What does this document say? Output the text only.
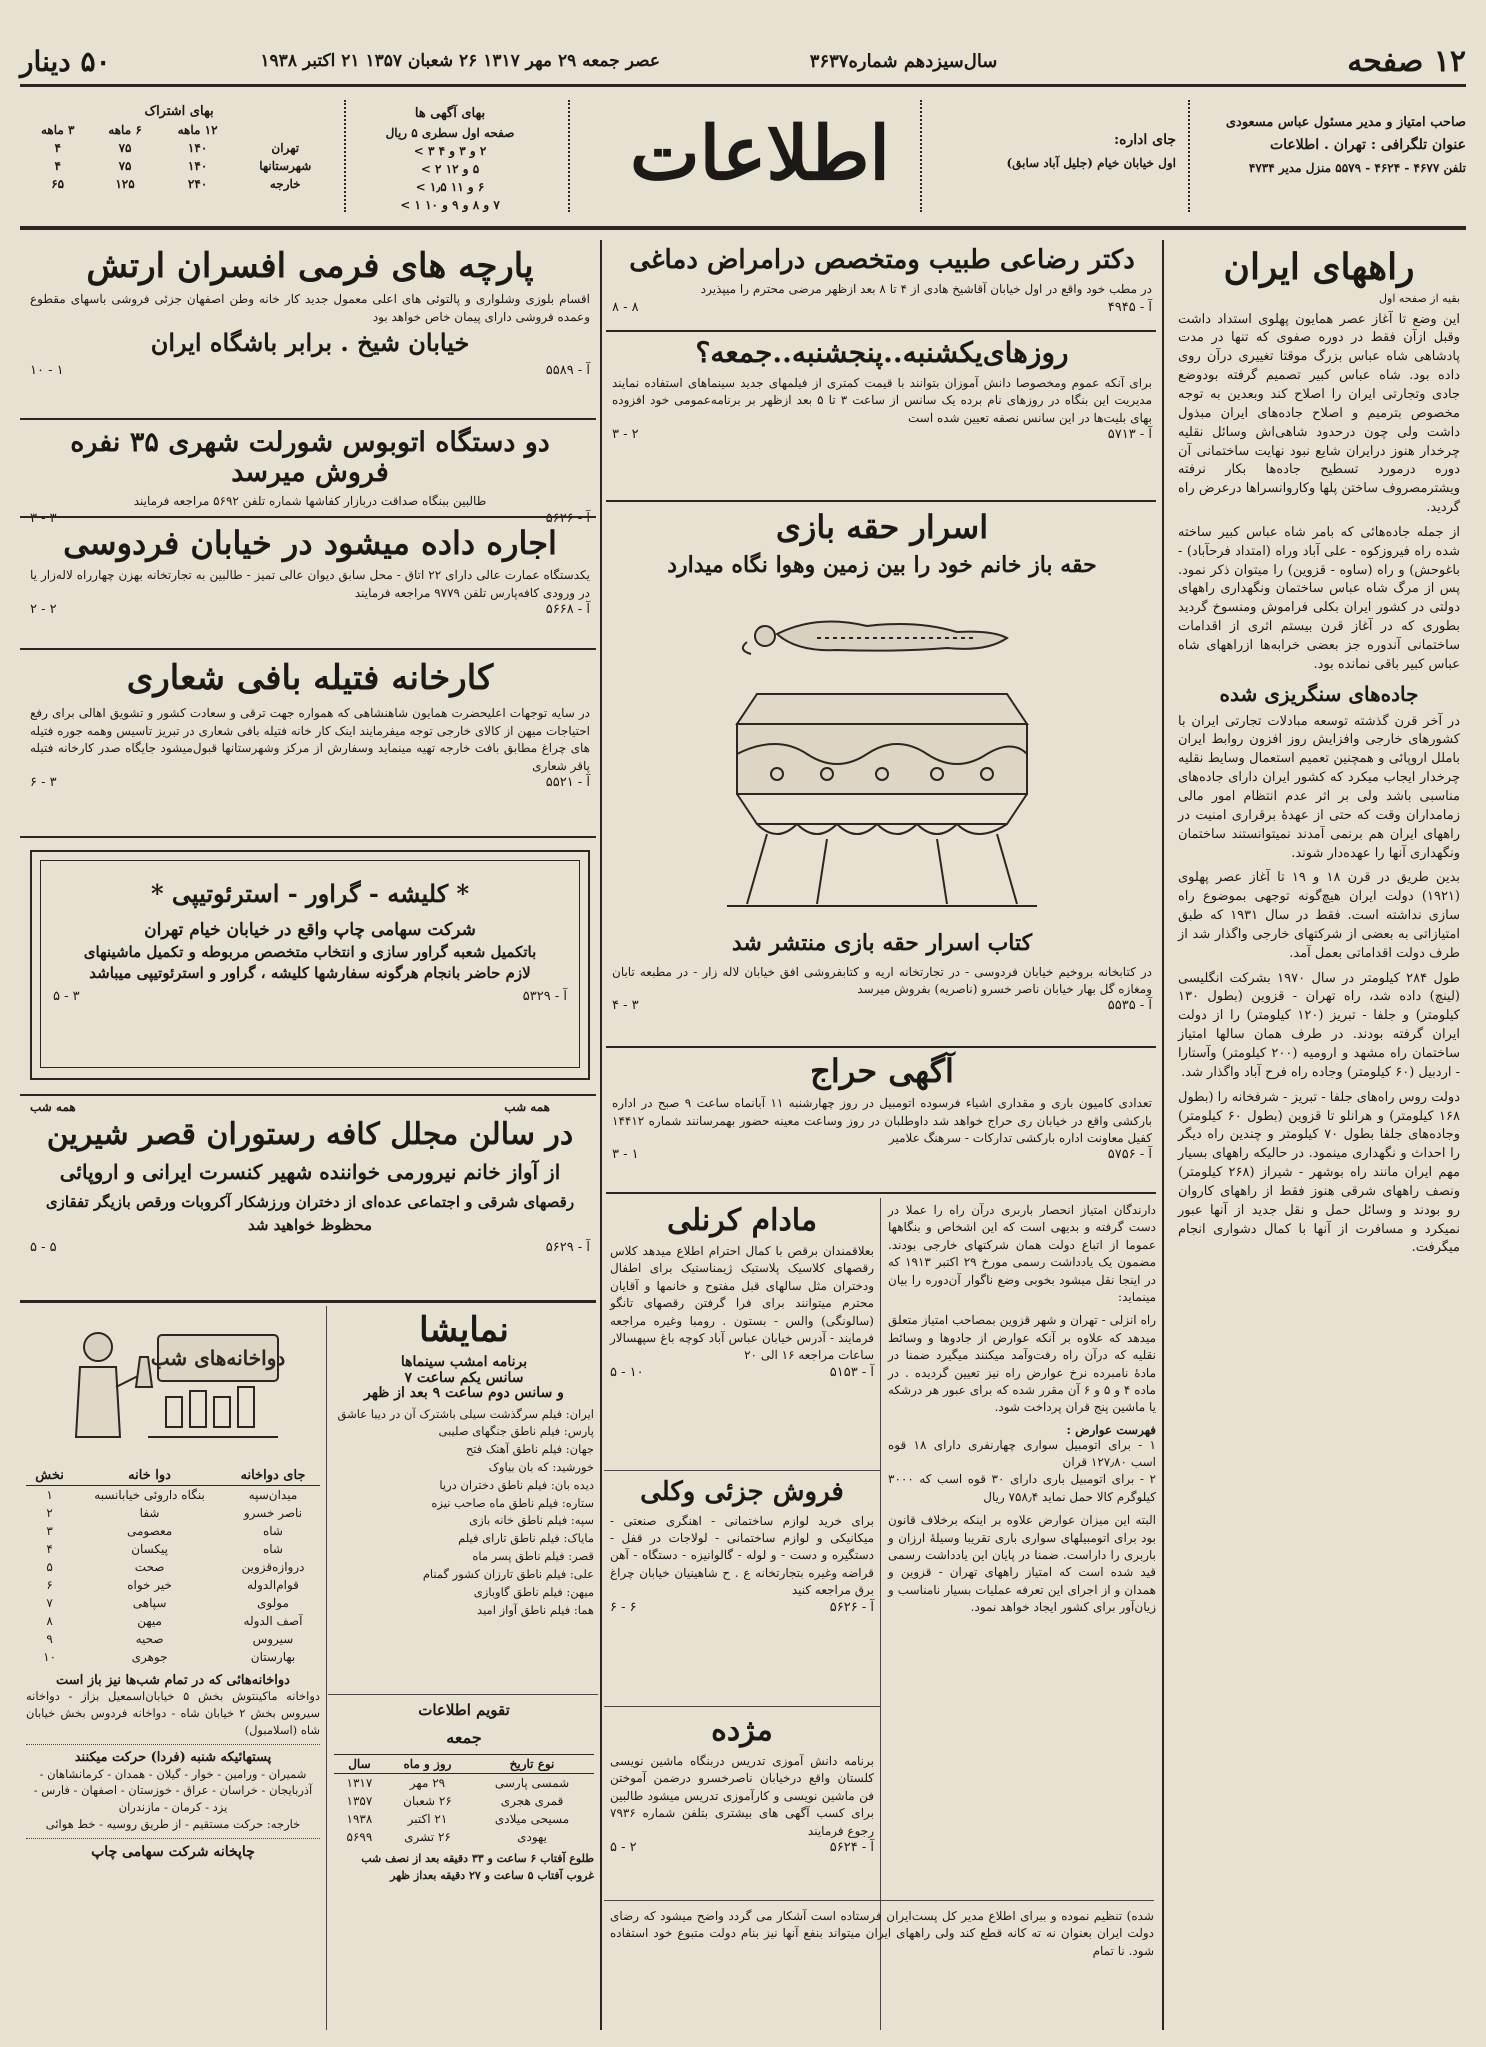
۱۲ صفحه
سال‌سیزدهم شماره۳۶۳۷
عصر جمعه ۲۹ مهر ۱۳۱۷ ۲۶ شعبان ۱۳۵۷ ۲۱ اکتبر ۱۹۳۸
۵۰ دینار

صاحب امتیاز و مدیر مسئول عباس مسعودی

عنوان تلگرافی : تهران . اطلاعات

تلفن ۴۶۷۷ - ۴۶۲۴ - ۵۵۷۹ منزل مدیر ۴۷۳۴

جای اداره:

اول خیابان خیام (جلیل آباد سابق)

اطلاعات

بهای آگهی ها

صفحه اول سطری ۵ ریال

۲ و ۳ و ۴ ۳ >

۵ و ۱۲ ۲ >

۶ و ۱۱ ۱٫۵ >

۷ و ۸ و ۹ و ۱۰ ۱ >

بهای اشتراک

	۱۲ ماهه	۶ ماهه	۳ ماهه
تهران	۱۴۰	۷۵	۴
شهرستانها	۱۴۰	۷۵	۴
خارجه	۲۴۰	۱۲۵	۶۵

راههای ایران

بقیه از صفحه اول

این وضع تا آغاز عصر همایون پهلوی استداد داشت وقبل ازآن فقط در دوره صفوی که تنها در مدت پادشاهی شاه عباس بزرگ موقتا تغییری درآن روی داده بود. شاه عباس کبیر تصمیم گرفته بودوضع جادی وتجارتی ایران را اصلاح کند وبعدین به توجه مخصوص بترمیم و اصلاح جاده‌های ایران مبذول داشت ولی چون درحدود شاهی‌اش وسائل نقلیه چرخدار هنوز درایران شایع نبود نهایت ساختمانی آن دوره درمورد تسطیح جاده‌ها بکار نرفته ویشترمصروف ساختن پلها وکاروانسراها درعرض راه گردید.

از جمله جاده‌هائی که بامر شاه عباس کبیر ساخته شده راه فیروزکوه - علی آباد وراه (امتداد فرحآباد) - باغوحش) و راه (ساوه - قزوین) را میتوان ذکر نمود. پس از مرگ شاه عباس ساختمان ونگهداری راههای دولتی در کشور ایران بکلی فراموش ومنسوخ گردید بطوری که در آغاز قرن بیستم اثری از اقدامات ساختمانی آندوره جز بعضی خرابه‌ها ازراههای شاه عباس کبیر باقی نمانده بود.

جاده‌های سنگریزی شده

در آخر قرن گذشته توسعه مبادلات تجارتی ایران با کشورهای خارجی وافزایش روز افزون روابط ایران باملل اروپائی و همچنین تعمیم استعمال وسایط نقلیه چرخدار ایجاب میکرد که کشور ایران دارای جاده‌های مناسبی باشد ولی بر اثر عدم انتظام امور مالی زمامداران وقت که حتی از عهدهٔ برقراری امنیت در راههای ایران هم برنمی آمدند نمیتوانستند ساختمان ونگهداری آنها را عهده‌دار شوند.

بدین طریق در قرن ۱۸ و ۱۹ تا آغاز عصر پهلوی (۱۹۲۱) دولت ایران هیچ‌گونه توجهی بموضوع راه سازی نداشته است. فقط در سال ۱۹۳۱ که طبق امتیازاتی به بعضی از شرکتهای خارجی واگذار شد از طرف دولت اقداماتی بعمل آمد.

طول ۲۸۴ کیلومتر در سال ۱۹۷۰ بشرکت انگلیسی (لینچ) داده شد، راه تهران - قزوین (بطول ۱۳۰ کیلومتر) و جلفا - تبریز (۱۲۰ کیلومتر) را از دولت ایران گرفته بودند. در طرف همان سالها امتیاز ساختمان راه مشهد و ارومیه (۲۰۰ کیلومتر) وآستارا - اردبیل (۶۰ کیلومتر) وجاده راه فرح آباد واگذار شد.

دولت روس راه‌های جلفا - تبریز - شرفخانه را (بطول ۱۶۸ کیلومتر) و هرانلو تا قزوین (بطول ۶۰ کیلومتر) وجاده‌های جلفا بطول ۷۰ کیلومتر و چندین راه دیگر را احداث و نگهداری مینمود. در حالیکه راههای بسیار مهم ایران مانند راه بوشهر - شیراز (۲۶۸ کیلومتر) ونصف راههای شرقی هنوز فقط از راههای کاروان رو بودند و وسائل حمل و نقل جدید از آنها عبور نمیکرد و مسافرت از آنها با کمال دشواری انجام میگرفت.

دکتر رضاعی طبیب ومتخصص درامراض دماغی

در مطب خود واقع در اول خیابان آقاشیخ هادی از ۴ تا ۸ بعد ازظهر مرضی محترم را میپذیرد

آ - ۴۹۴۵
۸ - ۸

روزهای‌یکشنبه..پنجشنبه..جمعه؟

برای آنکه عموم ومخصوصا دانش آموزان بتوانند با قیمت کمتری از فیلمهای جدید سینماهای استفاده نمایند مدیریت این بنگاه در روزهای نام برده یک سانس از ساعت ۳ تا ۵ بعد ازظهر بر برنامه‌عمومی خود افزوده بهای بلیت‌ها در این سانس نصفه تعیین شده است

آ - ۵۷۱۳
۲ - ۳

اسرار حقه بازی

حقه باز خانم خود را بین زمین وهوا نگاه میدارد

کتاب اسرار حقه بازی منتشر شد

در کتابخانه بروخیم خیابان فردوسی - در تجارتخانه اریه و کتابفروشی افق خیابان لاله زار - در مطبعه تابان ومغازه گل بهار خیابان ناصر خسرو (ناصریه) بفروش میرسد

آ - ۵۵۳۵
۳ - ۴

آگهی حراج

تعدادی کامیون باری و مقداری اشیاء فرسوده اتومبیل در روز چهارشنبه ۱۱ آبانماه ساعت ۹ صبح در اداره بارکشی واقع در خیابان ری حراج خواهد شد داوطلبان در روز وساعت معینه حضور بهمرسانند شماره ۱۴۴۱۲ کفیل معاونت اداره بارکشی تدارکات - سرهنگ علامیر

آ - ۵۷۵۶
۱ - ۳

دارندگان امتیاز انحصار باربری درآن راه را عملا در دست گرفته و بدیهی است که این اشخاص و بنگاهها عموما از اتباع دولت همان شرکتهای خارجی بودند. مضمون یک یادداشت رسمی مورخ ۲۹ اکتبر ۱۹۱۳ که در اینجا نقل میشود بخوبی وضع ناگوار آن‌دوره را بیان مینماید:

راه انزلی - تهران و شهر قزوین بمصاحب امتیاز متعلق میدهد که علاوه بر آنکه عوارض از جادوها و وسائط نقلیه که درآن راه رفت‌وآمد میکنند میگیرد ضمنا در مادهٔ نامبرده نرخ عوارض راه نیز تعیین گردیده . در ماده ۴ و ۵ و ۶ آن مقرر شده که برای عبور هر درشکه یا ماشین پنج قران پرداخت شود.

فهرست عوارض :

۱ - برای اتومبیل سواری چهارنفری دارای ۱۸ قوه اسب ۱۲۷٫۸۰ قران

۲ - برای اتومبیل باری دارای ۳۰ قوه اسب که ۳۰۰۰ کیلوگرم کالا حمل نماید ۷۵۸٫۴ ریال

البته این میزان عوارض علاوه بر اینکه برخلاف قانون بود برای اتومبیلهای سواری باری تقریبا وسیلهٔ ارزان و باربری را داراست. ضمنا در پایان این یادداشت رسمی قید شده است که امتیاز راههای تهران - قزوین و همدان و از اجرای این تعرفه عملیات بسیار نامناسب و زیان‌آور برای کشور ایجاد خواهد نمود.

مادام کرنلی

بعلاقمندان برقص با کمال احترام اطلاع میدهد کلاس رقصهای کلاسیک پلاستیک ژیمناستیک برای اطفال ودختران مثل سالهای قبل مفتوح و خانمها و آقایان محترم میتوانند برای فرا گرفتن رقصهای تانگو (سالونگی) والس - بستون . رومبا وغیره مراجعه فرمایند - آدرس خیابان عباس آباد کوچه باغ سپهسالار ساعات مراجعه ۱۶ الی ۲۰

آ - ۵۱۵۳
۱۰ - ۵

فروش جزئی وکلی

برای خرید لوازم ساختمانی - اهنگری صنعتی - میکانیکی و لوازم ساختمانی - لولاجات در قفل - دستگیره و دست - و لوله - گالوانیزه - دستگاه - آهن قراضه وغیره بتجارتخانه ع . ح شاهینیان خیابان چراغ برق مراجعه کنید

آ - ۵۶۲۶
۶ - ۶

مژده

برنامه دانش آموزی تدریس دربنگاه ماشین نویسی کلستان واقع درخیابان ناصرخسرو درضمن آموختن فن ماشین نویسی و کارآموزی تدریس میشود طالبین برای کسب آگهی های بیشتری بتلفن شماره ۷۹۳۶ رجوع فرمایند

آ - ۵۶۲۴
۲ - ۵

شده) تنظیم نموده و ببرای اطلاع مدیر کل پست‌ایران فرستاده است آشکار می گردد واضح میشود که رضای دولت ایران بعنوان نه ته کانه قطع کند ولی راههای ایران میتواند بنفع آنها نیز بنام دولت متبوع خود استفاده شود. نا تمام

پارچه های فرمی افسران ارتش

اقسام بلوزی وشلواری و پالتوئی های اعلی معمول جدید کار خانه وطن اصفهان جزئی فروشی باسهای مقطوع وعمده فروشی دارای پیمان خاص خواهد بود

خیابان شیخ . برابر باشگاه ایران

آ - ۵۵۸۹
۱ - ۱۰

دو دستگاه اتوبوس شورلت شهری ۳۵ نفره فروش میرسد

طالبین ببنگاه صداقت دربازار کفاشها شماره تلفن ۵۶۹۲ مراجعه فرمایند

آ - ۵۶۲۶
۳ - ۳

اجاره داده میشود در خیابان فردوسی

یکدستگاه عمارت عالی دارای ۲۲ اتاق - محل سابق دیوان عالی تمیز - طالبین به تجارتخانه بهزن چهارراه لاله‌زار یا در ورودی کافه‌پارس تلفن ۹۷۷۹ مراجعه فرمایند

آ - ۵۶۶۸
۲ - ۲

کارخانه فتیله بافی شعاری

در سایه توجهات اعلیحضرت همایون شاهنشاهی که همواره جهت ترقی و سعادت کشور و تشویق اهالی برای رفع احتیاجات میهن از کالای خارجی توجه میفرمایند اینک کار خانه فتیله بافی شعاری در تبریز تاسیس وهمه جوره فتیله های چراغ مطابق بافت خارجه تهیه مینماید وسفارش از مرکز وشهرستانها قبول‌میشود جایگاه صدر کارخانه فتیله پاقر شعاری

آ - ۵۵۲۱
۳ - ۶

* کلیشه - گراور - استرئوتیپی *

شرکت سهامی چاپ واقع در خیابان خیام تهران

باتکمیل شعبه گراور سازی و انتخاب متخصص مربوطه و تکمیل ماشینهای

لازم حاضر بانجام هرگونه سفارشها کلیشه ، گراور و استرئوتیپی میباشد

آ - ۵۳۲۹
۳ - ۵
همه شب
همه شب

در سالن مجلل کافه رستوران قصر شیرین

از آواز خانم نیرورمی خواننده شهیر کنسرت ایرانی و اروپائی

رقصهای شرقی و اجتماعی عده‌ای از دختران ورزشکار آکروبات ورقص بازیگر تفقازی محظوظ خواهید شد

آ - ۵۶۲۹
۵ - ۵

نمایشا

برنامه امشب سینماها

سانس یکم ساعت ۷

و سانس دوم ساعت ۹ بعد از ظهر

ایران: فیلم سرگذشت سیلی باشترک آن در دیبا عاشق

پارس: فیلم ناطق جنگهای صلیبی

جهان: فیلم ناطق آهنک فتح

خورشید: که بان بیاوک

دیده بان: فیلم ناطق دختران دریا

ستاره: فیلم ناطق ماه صاحب نیزه

سپه: فیلم ناطق خانه بازی

مایاک: فیلم ناطق تارای فیلم

قصر: فیلم ناطق پسر ماه

علی: فیلم ناطق تارزان کشور گمنام

میهن: فیلم ناطق گاوبازی

هما: فیلم ناطق آواز امید

تقویم اطلاعات

جمعه

نوع تاریخ	روز و ماه	سال
شمسی پارسی	۲۹ مهر	۱۳۱۷
قمری هجری	۲۶ شعبان	۱۳۵۷
مسیحی میلادی	۲۱ اکتبر	۱۹۳۸
یهودی	۲۶ تشری	۵۶۹۹

طلوع آفتاب ۶ ساعت و ۳۳ دقیقه بعد از نصف شب

غروب آفتاب ۵ ساعت و ۲۷ دقیقه بعداز ظهر

دواخانه‌های شب
جای دواخانه	دوا خانه	نخش
میدان‌سپه	بنگاه داروئی خیابانسبه	۱
ناصر خسرو	شفا	۲
شاه	معصومی	۳
شاه	پیکسان	۴
دروازه‌قزوین	صحت	۵
قوام‌الدوله	خیر خواه	۶
مولوی	سپاهی	۷
آصف الدوله	میهن	۸
سیروس	صحیه	۹
بهارستان	جوهری	۱۰

دواخانه‌هائی که در تمام شب‌ها نیز باز است

دواخانه ماکینتوش بخش ۵ خیابان‌اسمعیل بزاز - دواخانه سیروس بخش ۲ خیابان شاه - دواخانه فردوس بخش خیابان شاه (اسلامبول)

پستهائیکه شنبه (فردا) حرکت میکنند

شمیران - ورامین - خوار - گیلان - همدان - کرمانشاهان - آذربایجان - خراسان - عراق - خوزستان - اصفهان - فارس - یزد - کرمان - مازندران

خارجه: حرکت مستقیم - از طریق روسیه - خط هوائی

چاپخانه شرکت سهامی چاپ
